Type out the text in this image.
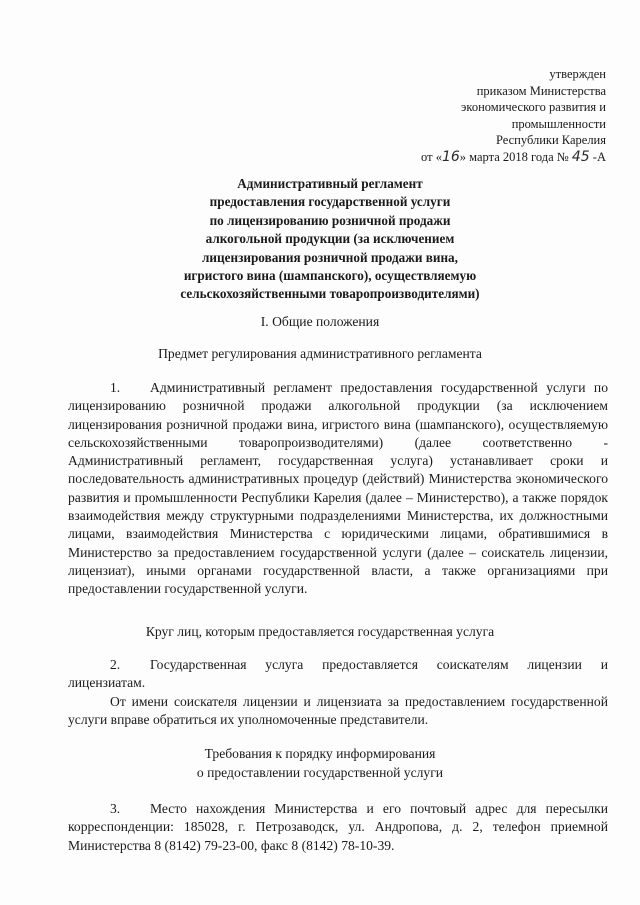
утвержден
приказом Министерства
экономического развития и
промышленности
Республики Карелия
от «16» марта 2018 года № 45 -А
Административный регламент
предоставления государственной услуги
по лицензированию розничной продажи
алкогольной продукции (за исключением
лицензирования розничной продажи вина,
игристого вина (шампанского), осуществляемую
сельскохозяйственными товаропроизводителями)
I. Общие положения
Предмет регулирования административного регламента
1. Административный регламент предоставления государственной услуги по лицензированию розничной продажи алкогольной продукции (за исключением лицензирования розничной продажи вина, игристого вина (шампанского), осуществляемую сельскохозяйственными товаропроизводителями) (далее соответственно - Административный регламент, государственная услуга) устанавливает сроки и последовательность административных процедур (действий) Министерства экономического развития и промышленности Республики Карелия (далее – Министерство), а также порядок взаимодействия между структурными подразделениями Министерства, их должностными лицами, взаимодействия Министерства с юридическими лицами, обратившимися в Министерство за предоставлением государственной услуги (далее – соискатель лицензии, лицензиат), иными органами государственной власти, а также организациями при предоставлении государственной услуги.
Круг лиц, которым предоставляется государственная услуга
2. Государственная услуга предоставляется соискателям лицензии и лицензиатам.
От имени соискателя лицензии и лицензиата за предоставлением государственной услуги вправе обратиться их уполномоченные представители.
Требования к порядку информирования
о предоставлении государственной услуги
3. Место нахождения Министерства и его почтовый адрес для пересылки корреспонденции: 185028, г. Петрозаводск, ул. Андропова, д. 2, телефон приемной Министерства 8 (8142) 79-23-00, факс 8 (8142) 78-10-39.
